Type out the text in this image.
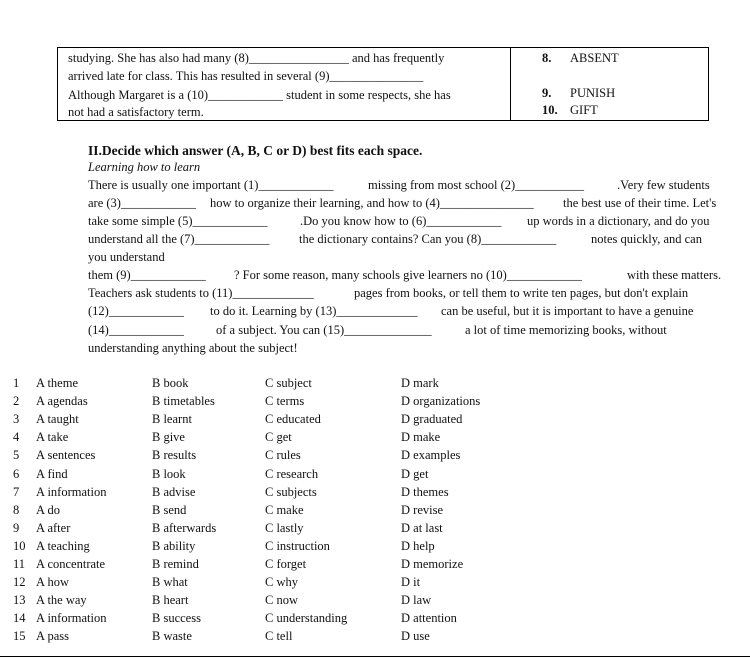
studying. She has also had many (8)________________ and has frequently
arrived late for class. This has resulted in several (9)_______________
Although Margaret is a (10)____________ student in some respects, she has
not had a satisfactory term.
8. ABSENT
9. PUNISH
10. GIFT
II.Decide which answer (A, B, C or D) best fits each space.
Learning how to learn
There is usually one important (1)____________	missing from most school (2)___________	.Very few students
are (3)____________ how to organize their learning, and how to (4)_______________ the best use of their time. Let's
take some simple (5)____________	.Do you know how to (6)____________ up words in a dictionary, and do you
understand all the (7)____________ the dictionary contains? Can you (8)____________	notes quickly, and can
you understand
them (9)____________ ? For some reason, many schools give learners no (10)____________	with these matters.
Teachers ask students to (11)_____________	pages from books, or tell them to write ten pages, but don't explain
(12)____________ to do it. Learning by (13)_____________ can be useful, but it is important to have a genuine
(14)____________	of a subject. You can (15)______________	a lot of time memorizing books, without
understanding anything about the subject!
1 A theme	B book	C subject	D mark
2 A agendas	B timetables	C terms	D organizations
3 A taught	B learnt	C educated	D graduated
4 A take	B give	C get	D make
5 A sentences	B results	C rules	D examples
6 A find	B look	C research	D get
7 A information	B advise	C subjects	D themes
8 A do	B send	C make	D revise
9 A after	B afterwards	C lastly	D at last
10 A teaching	B ability	C instruction	D help
11 A concentrate	B remind	C forget	D memorize
12 A how	B what	C why	D it
13 A the way	B heart	C now	D law
14 A information	B success	C understanding	D attention
15 A pass	B waste	C tell	D use
